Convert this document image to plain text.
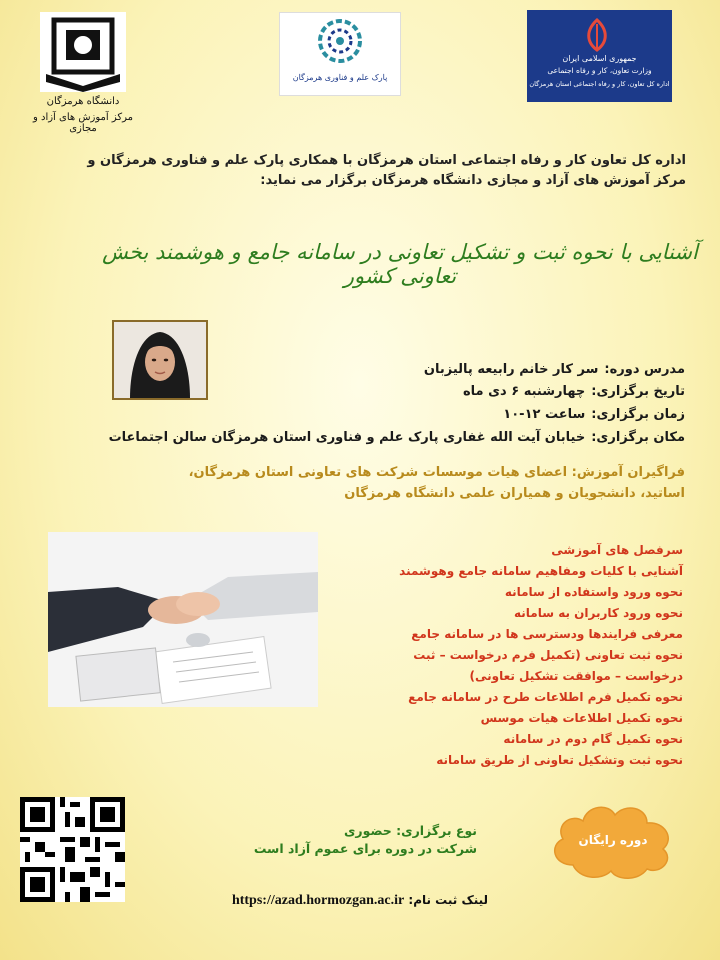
دانشگاه هرمزگان
مرکز آموزش های آزاد و مجازی
پارک علم و فناوری هرمزگان
جمهوری اسلامی ایران
وزارت تعاون، کار و رفاه اجتماعی
اداره کل تعاون، کار و رفاه اجتماعی استان هرمزگان
اداره کل تعاون کار و رفاه اجتماعی استان هرمزگان با همکاری پارک علم و فناوری هرمزگان و
مرکز آموزش های آزاد و مجازی دانشگاه هرمزگان برگزار می نماید:
آشنایی با نحوه ثبت و تشکیل تعاونی در سامانه جامع و هوشمند بخش تعاونی کشور
مدرس دوره:سر کار خانم رابیعه پالیزبان
تاریخ برگزاری:چهارشنبه ۶ دی ماه
زمان برگزاری:ساعت ۱۲-۱۰
مکان برگزاری:خیابان آیت الله غفاری پارک علم و فناوری استان هرمزگان سالن اجتماعات
فراگیران آموزش: اعضای هیات موسسات شرکت های تعاونی استان هرمزگان،
اساتید، دانشجویان و همیاران علمی دانشگاه هرمزگان
سرفصل های آموزشی
آشنایی با کلیات ومفاهیم سامانه جامع وهوشمند
نحوه ورود واستفاده از سامانه
نحوه ورود کاربران به سامانه
معرفی فرایندها ودسترسی ها در سامانه جامع
نحوه ثبت تعاونی (تکمیل فرم درخواست – ثبت
درخواست – موافقت تشکیل تعاونی)
نحوه تکمیل فرم اطلاعات طرح در سامانه جامع
نحوه تکمیل اطلاعات هیات موسس
نحوه تکمیل گام دوم در سامانه
نحوه ثبت وتشکیل تعاونی از طریق سامانه
نوع برگزاری: حضوری
شرکت در دوره برای عموم آزاد است
دوره رایگان
لینک ثبت نام: https://azad.hormozgan.ac.ir
